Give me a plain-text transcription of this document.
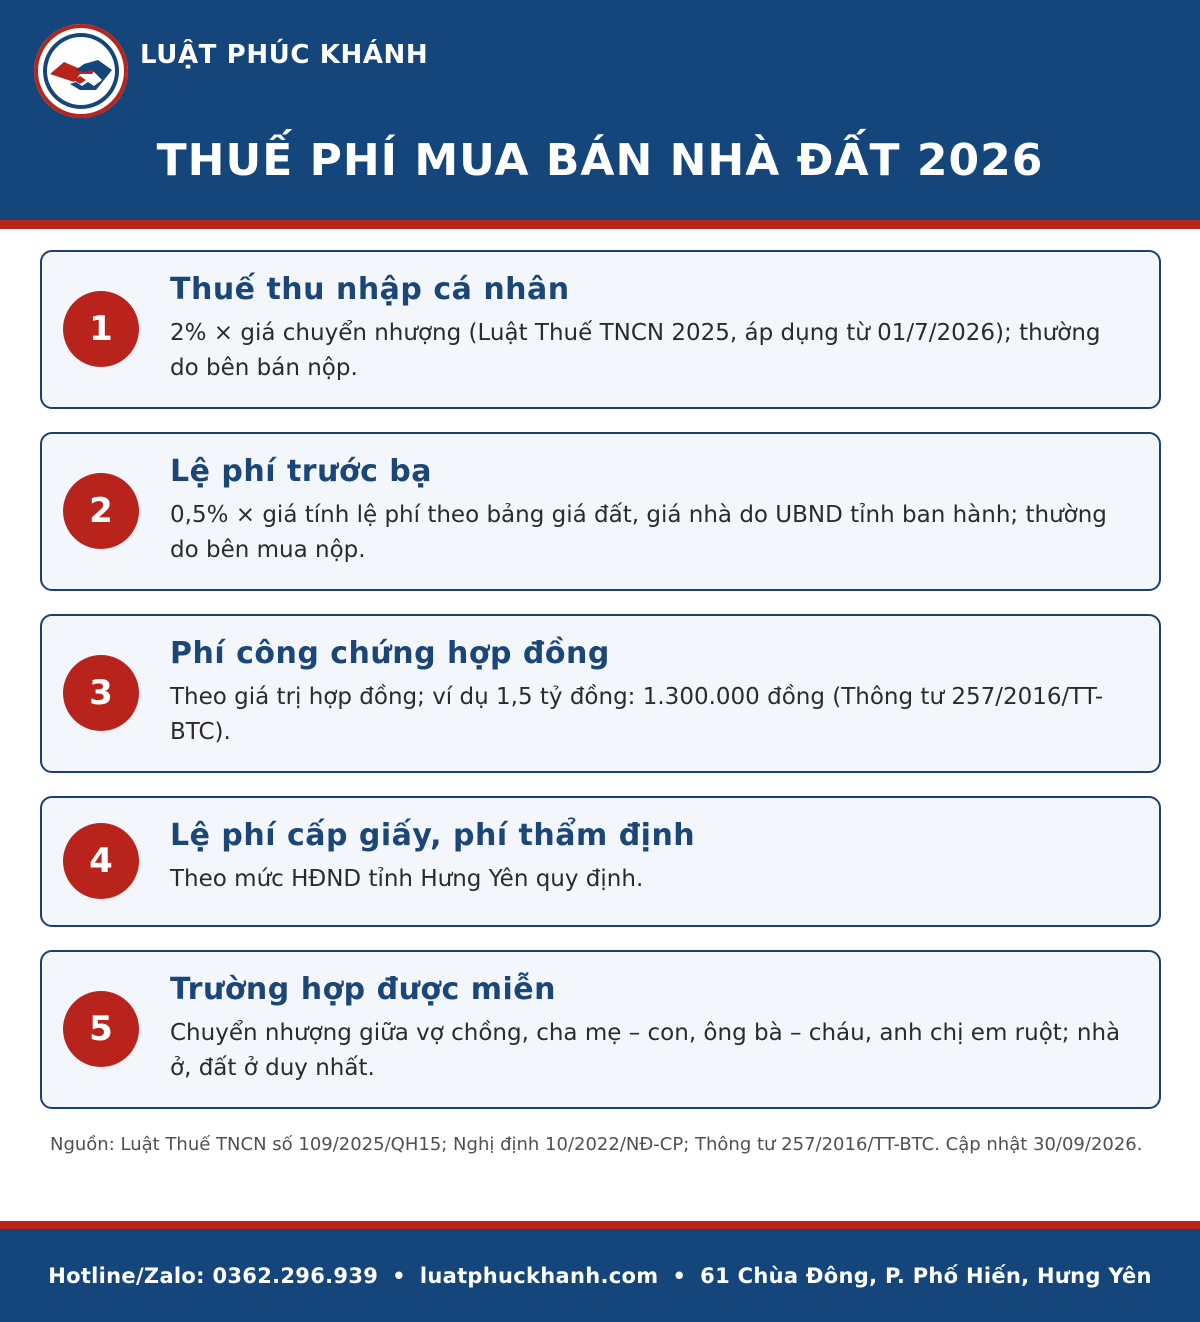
LUẬT PHÚC KHÁNH
THUẾ PHÍ MUA BÁN NHÀ ĐẤT 2026
1
Thuế thu nhập cá nhân
2% × giá chuyển nhượng (Luật Thuế TNCN 2025, áp dụng từ 01/7/2026); thường do bên bán nộp.
2
Lệ phí trước bạ
0,5% × giá tính lệ phí theo bảng giá đất, giá nhà do UBND tỉnh ban hành; thường do bên mua nộp.
3
Phí công chứng hợp đồng
Theo giá trị hợp đồng; ví dụ 1,5 tỷ đồng: 1.300.000 đồng (Thông tư 257/2016/TT-BTC).
4
Lệ phí cấp giấy, phí thẩm định
Theo mức HĐND tỉnh Hưng Yên quy định.
5
Trường hợp được miễn
Chuyển nhượng giữa vợ chồng, cha mẹ – con, ông bà – cháu, anh chị em ruột; nhà ở, đất ở duy nhất.
Nguồn: Luật Thuế TNCN số 109/2025/QH15; Nghị định 10/2022/NĐ-CP; Thông tư 257/2016/TT-BTC. Cập nhật 30/09/2026.
Hotline/Zalo: 0362.296.939 • luatphuckhanh.com • 61 Chùa Đông, P. Phố Hiến, Hưng Yên
